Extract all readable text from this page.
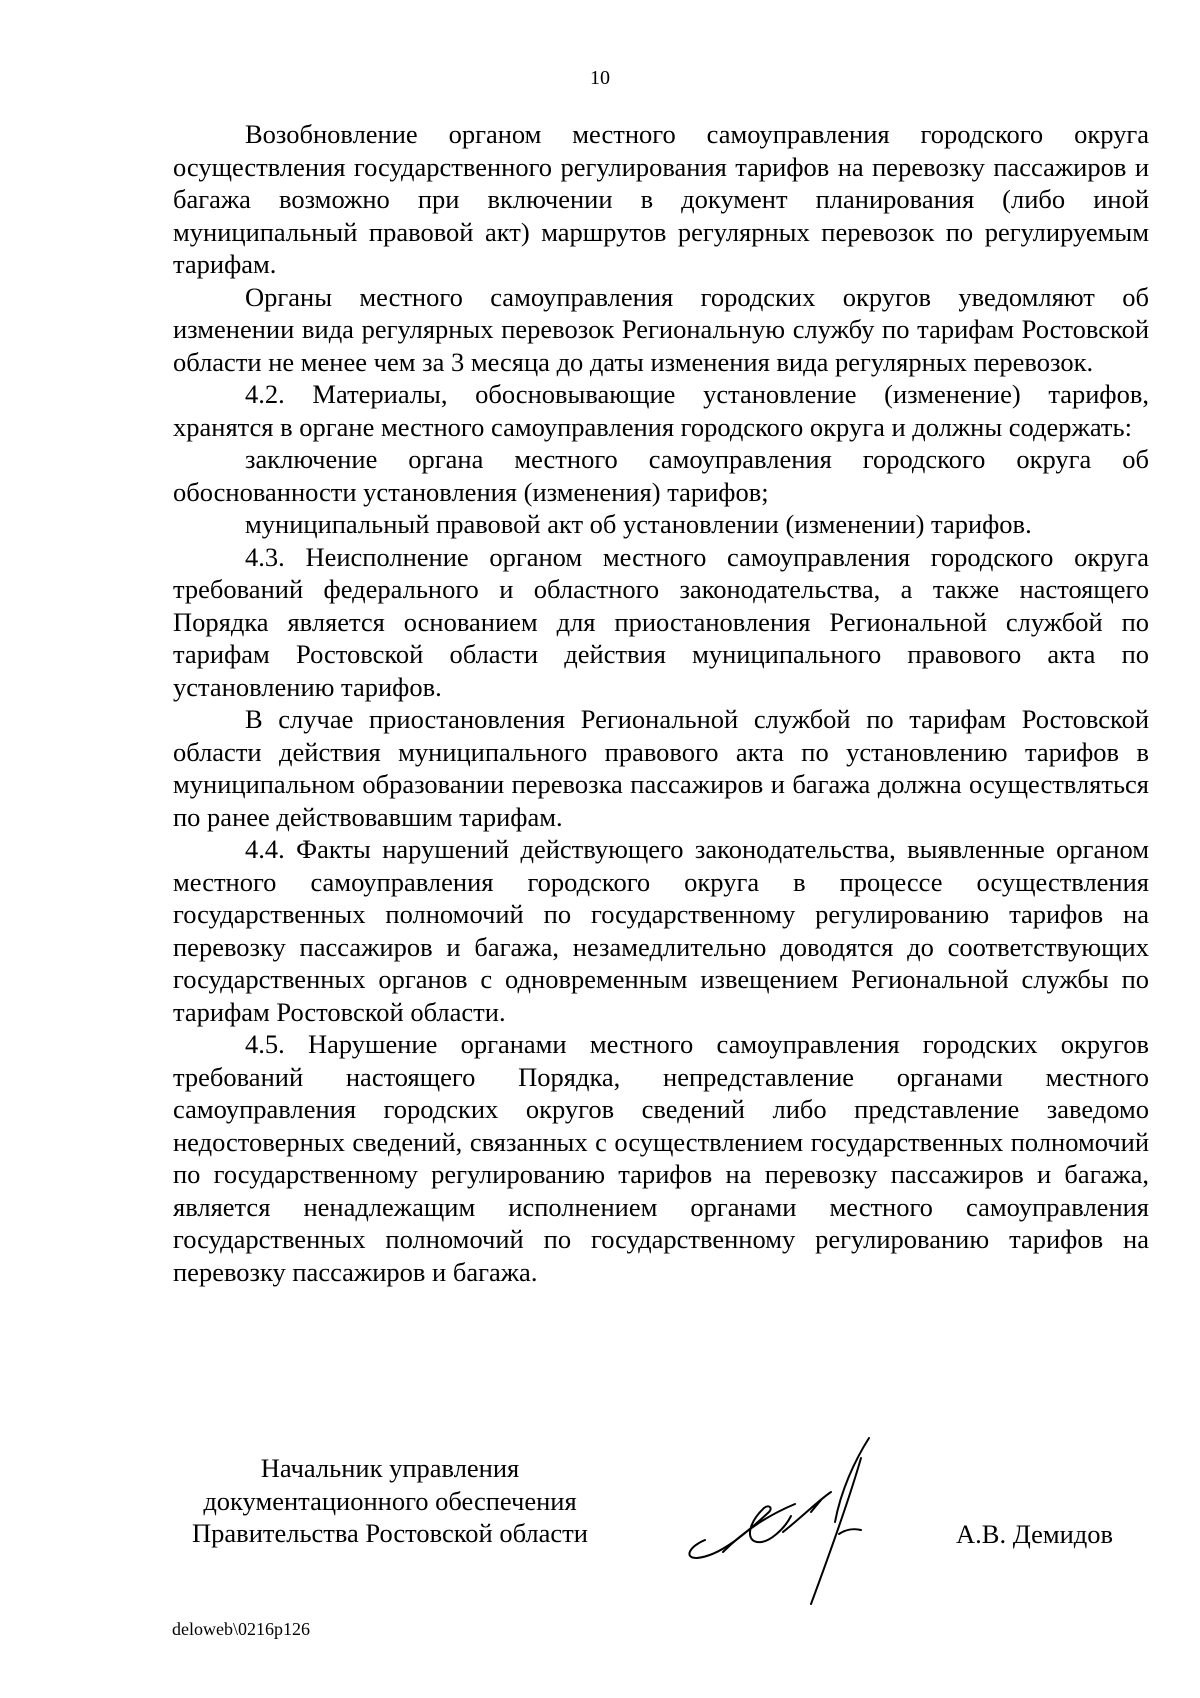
10

Возобновление органом местного самоуправления городского округа осуществления государственного регулирования тарифов на перевозку пассажиров и багажа возможно при включении в документ планирования (либо иной муниципальный правовой акт) маршрутов регулярных перевозок по регулируемым тарифам.

Органы местного самоуправления городских округов уведомляют об изменении вида регулярных перевозок Региональную службу по тарифам Ростовской области не менее чем за 3 месяца до даты изменения вида регулярных перевозок.

4.2. Материалы, обосновывающие установление (изменение) тарифов, хранятся в органе местного самоуправления городского округа и должны содержать:

заключение органа местного самоуправления городского округа об обоснованности установления (изменения) тарифов;

муниципальный правовой акт об установлении (изменении) тарифов.

4.3. Неисполнение органом местного самоуправления городского округа требований федерального и областного законодательства, а также настоящего Порядка является основанием для приостановления Региональной службой по тарифам Ростовской области действия муниципального правового акта по установлению тарифов.

В случае приостановления Региональной службой по тарифам Ростовской области действия муниципального правового акта по установлению тарифов в муниципальном образовании перевозка пассажиров и багажа должна осуществляться по ранее действовавшим тарифам.

4.4. Факты нарушений действующего законодательства, выявленные органом местного самоуправления городского округа в процессе осуществления государственных полномочий по государственному регулированию тарифов на перевозку пассажиров и багажа, незамедлительно доводятся до соответствующих государственных органов с одновременным извещением Региональной службы по тарифам Ростовской области.

4.5. Нарушение органами местного самоуправления городских округов требований настоящего Порядка, непредставление органами местного самоуправления городских округов сведений либо представление заведомо недостоверных сведений, связанных с осуществлением государственных полномочий по государственному регулированию тарифов на перевозку пассажиров и багажа, является ненадлежащим исполнением органами местного самоуправления государственных полномочий по государственному регулированию тарифов на перевозку пассажиров и багажа.

Начальник управления
документационного обеспечения
Правительства Ростовской области	А.В. Демидов
deloweb\0216p126
